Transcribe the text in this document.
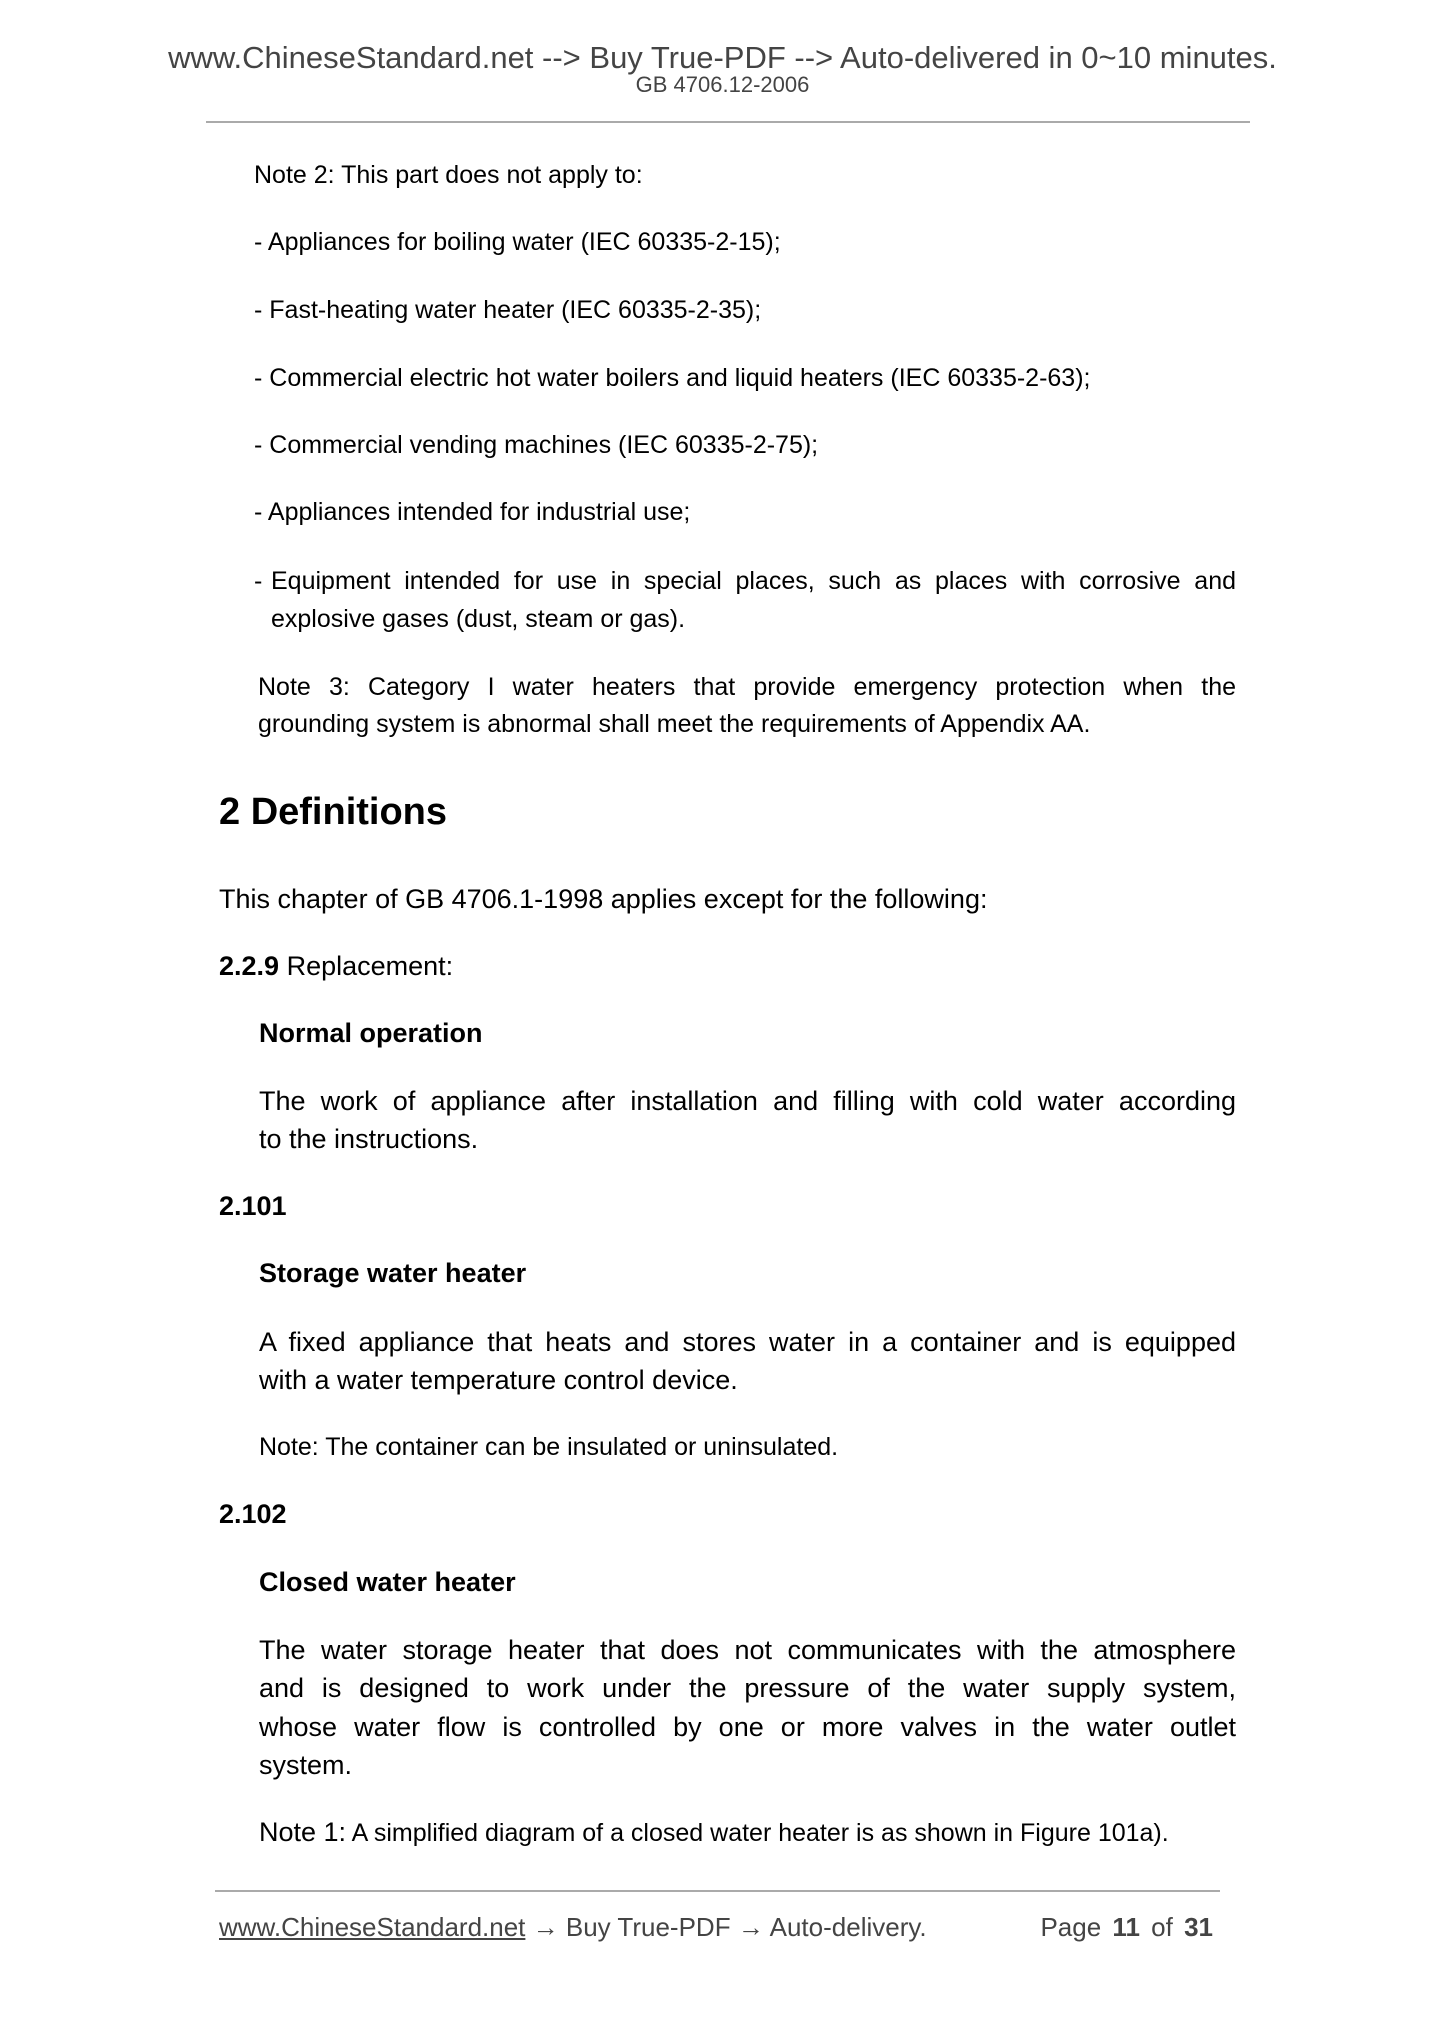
www.ChineseStandard.net --> Buy True-PDF --> Auto-delivered in 0~10 minutes.
GB 4706.12-2006
Note 2: This part does not apply to:
- Appliances for boiling water (IEC 60335-2-15);
- Fast-heating water heater (IEC 60335-2-35);
- Commercial electric hot water boilers and liquid heaters (IEC 60335-2-63);
- Commercial vending machines (IEC 60335-2-75);
- Appliances intended for industrial use;
- Equipment intended for use in special places, such as places with corrosive and
explosive gases (dust, steam or gas).
Note 3: Category I water heaters that provide emergency protection when the
grounding system is abnormal shall meet the requirements of Appendix AA.
2 Definitions
This chapter of GB 4706.1-1998 applies except for the following:
2.2.9 Replacement:
Normal operation
The work of appliance after installation and filling with cold water according
to the instructions.
2.101
Storage water heater
A fixed appliance that heats and stores water in a container and is equipped
with a water temperature control device.
Note: The container can be insulated or uninsulated.
2.102
Closed water heater
The water storage heater that does not communicates with the atmosphere
and is designed to work under the pressure of the water supply system,
whose water flow is controlled by one or more valves in the water outlet
system.
Note 1: A simplified diagram of a closed water heater is as shown in Figure 101a).
www.ChineseStandard.net → Buy True-PDF → Auto-delivery.	Page 11 of 31
